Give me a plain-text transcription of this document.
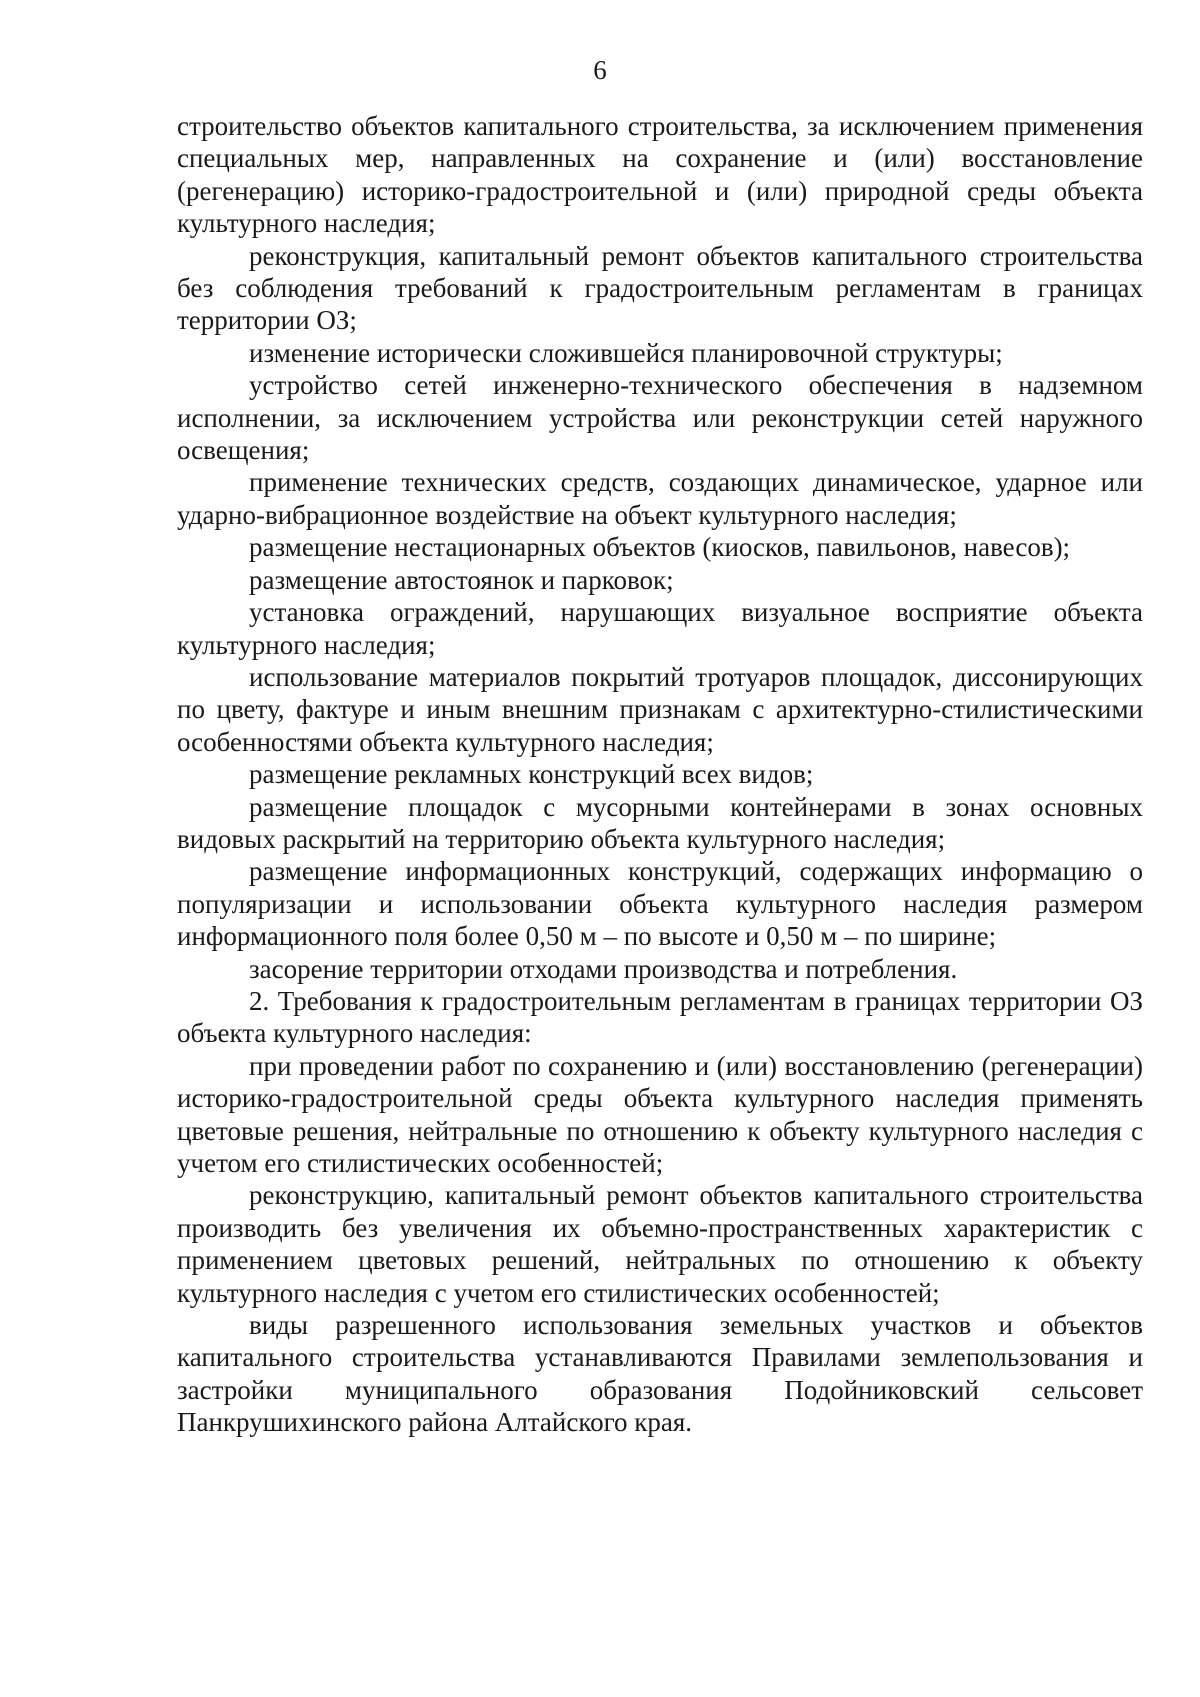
6

строительство объектов капитального строительства, за исключением применения специальных мер, направленных на сохранение и (или) восстановление (регенерацию) историко-градостроительной и (или) природной среды объекта культурного наследия;

реконструкция, капитальный ремонт объектов капитального строительства без соблюдения требований к градостроительным регламентам в границах территории ОЗ;

изменение исторически сложившейся планировочной структуры;

устройство сетей инженерно-технического обеспечения в надземном исполнении, за исключением устройства или реконструкции сетей наружного освещения;

применение технических средств, создающих динамическое, ударное или ударно-вибрационное воздействие на объект культурного наследия;

размещение нестационарных объектов (киосков, павильонов, навесов);

размещение автостоянок и парковок;

установка ограждений, нарушающих визуальное восприятие объекта культурного наследия;

использование материалов покрытий тротуаров площадок, диссонирующих по цвету, фактуре и иным внешним признакам с архитектурно-стилистическими особенностями объекта культурного наследия;

размещение рекламных конструкций всех видов;

размещение площадок с мусорными контейнерами в зонах основных видовых раскрытий на территорию объекта культурного наследия;

размещение информационных конструкций, содержащих информацию о популяризации и использовании объекта культурного наследия размером информационного поля более 0,50 м – по высоте и 0,50 м – по ширине;

засорение территории отходами производства и потребления.

2. Требования к градостроительным регламентам в границах территории ОЗ объекта культурного наследия:

при проведении работ по сохранению и (или) восстановлению (регенерации) историко-градостроительной среды объекта культурного наследия применять цветовые решения, нейтральные по отношению к объекту культурного наследия с учетом его стилистических особенностей;

реконструкцию, капитальный ремонт объектов капитального строительства производить без увеличения их объемно-пространственных характеристик с применением цветовых решений, нейтральных по отношению к объекту культурного наследия с учетом его стилистических особенностей;

виды разрешенного использования земельных участков и объектов капитального строительства устанавливаются Правилами землепользования и застройки муниципального образования Подойниковский сельсовет Панкрушихинского района Алтайского края.
